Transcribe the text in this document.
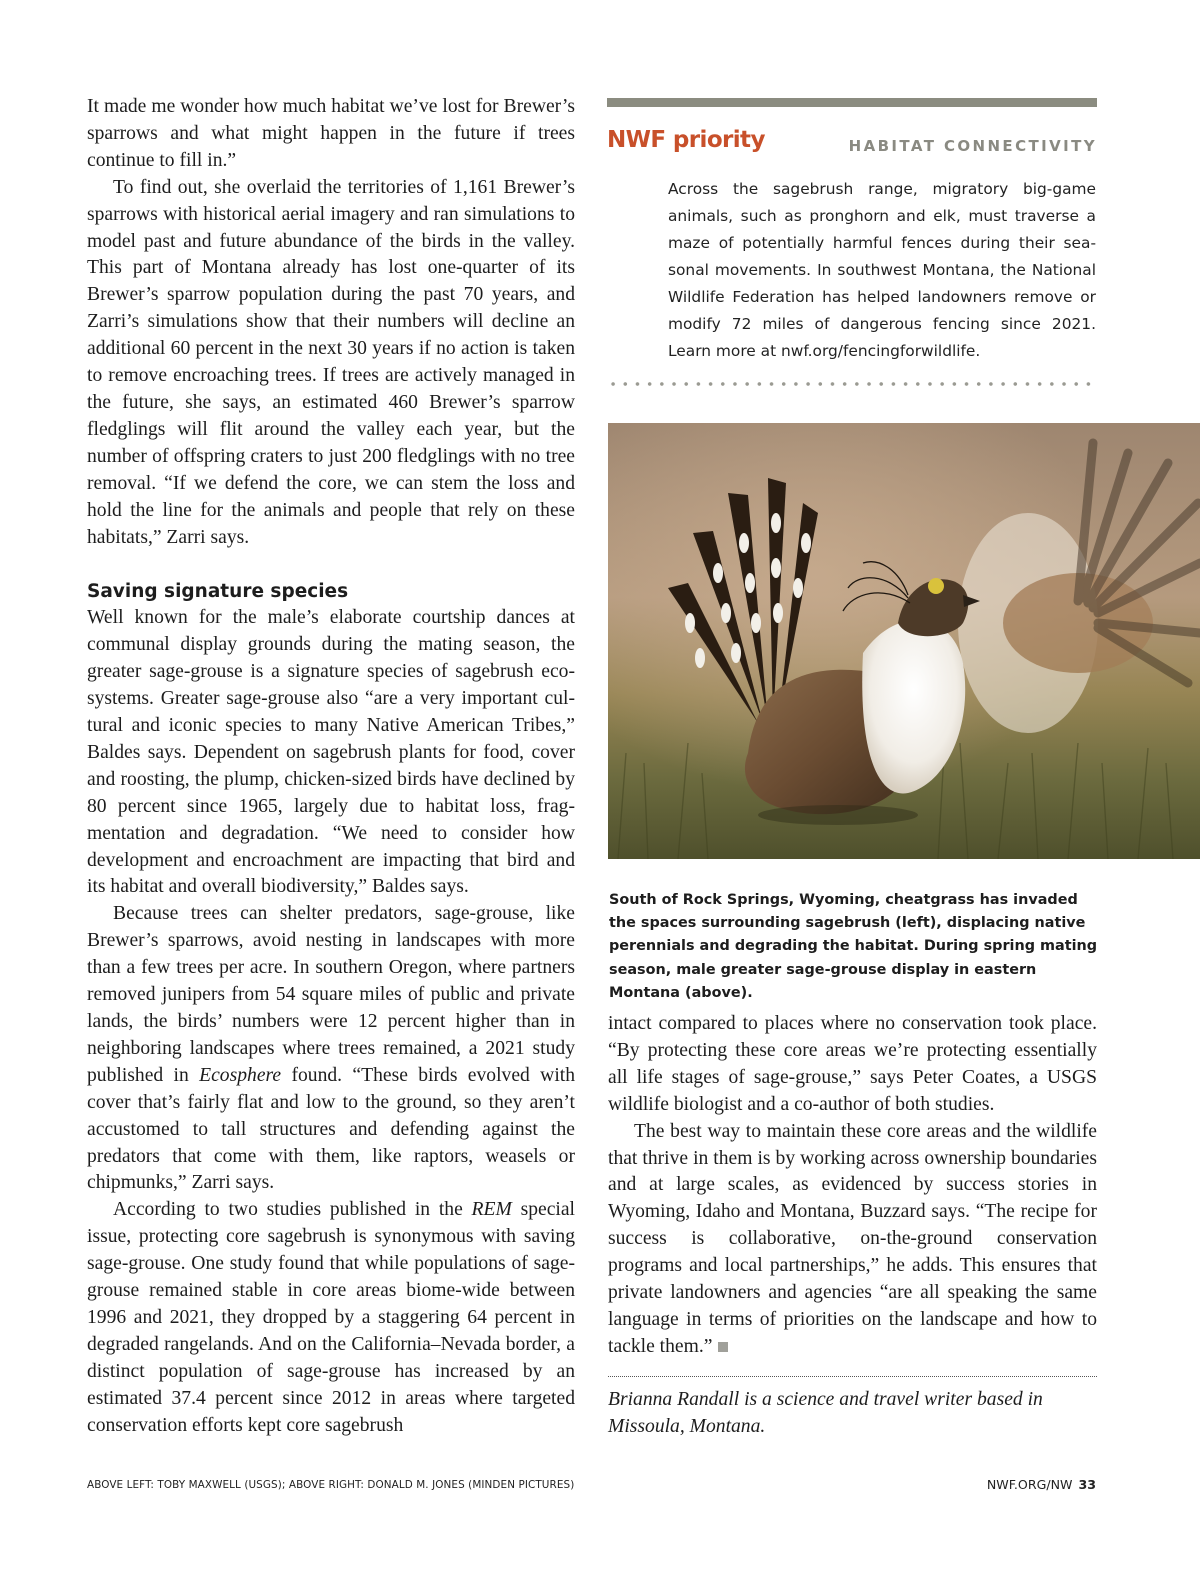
It made me wonder how much habitat we’ve lost for Brewer’s sparrows and what might happen in the future if trees continue to fill in.”

To find out, she overlaid the territories of 1,161 Brewer’s sparrows with historical aerial imagery and ran simulations to model past and future abundance of the birds in the valley. This part of Montana already has lost one-quarter of its Brewer’s sparrow population during the past 70 years, and Zarri’s simulations show that their numbers will decline an additional 60 percent in the next 30 years if no action is taken to remove encroaching trees. If trees are actively managed in the future, she says, an estimated 460 Brewer’s sparrow fledglings will flit around the valley each year, but the number of offspring craters to just 200 fledglings with no tree removal. “If we defend the core, we can stem the loss and hold the line for the animals and people that rely on these habitats,” Zarri says.

Saving signature species

Well known for the male’s elaborate courtship dances at communal display grounds during the mating season, the greater sage-grouse is a signature species of sagebrush ecosystems. Greater sage-grouse also “are a very important cultural and iconic species to many Native American Tribes,” Baldes says. Dependent on sagebrush plants for food, cover and roosting, the plump, chicken-sized birds have declined by 80 percent since 1965, largely due to habitat loss, fragmentation and degradation. “We need to consider how development and encroachment are impacting that bird and its habitat and overall biodiversity,” Baldes says.

Because trees can shelter predators, sage-grouse, like Brewer’s sparrows, avoid nesting in landscapes with more than a few trees per acre. In southern Oregon, where partners removed junipers from 54 square miles of public and private lands, the birds’ numbers were 12 percent higher than in neighboring landscapes where trees remained, a 2021 study published in Ecosphere found. “These birds evolved with cover that’s fairly flat and low to the ground, so they aren’t accustomed to tall structures and defending against the predators that come with them, like raptors, weasels or chipmunks,” Zarri says.

According to two studies published in the REM special issue, protecting core sagebrush is synonymous with saving sage-grouse. One study found that while populations of sage-grouse remained stable in core areas biome-wide between 1996 and 2021, they dropped by a staggering 64 percent in degraded rangelands. And on the California–Nevada border, a distinct population of sage-grouse has increased by an estimated 37.4 percent since 2012 in areas where targeted conservation efforts kept core sagebrush

NWF priority	HABITAT CONNECTIVITY
Across the sagebrush range, migratory big-game animals, such as pronghorn and elk, must traverse a maze of potentially harmful fences during their seasonal movements. In southwest Montana, the National Wildlife Federation has helped landowners remove or modify 72 miles of dangerous fencing since 2021. Learn more at nwf.org/fencingforwildlife.
South of Rock Springs, Wyoming, cheatgrass has invaded the spaces surrounding sagebrush (left), displacing native perennials and degrading the habitat. During spring mating season, male greater sage-grouse display in eastern Montana (above).

intact compared to places where no conservation took place. “By protecting these core areas we’re protecting essentially all life stages of sage-grouse,” says Peter Coates, a USGS wildlife biologist and a co-author of both studies.

The best way to maintain these core areas and the wildlife that thrive in them is by working across ownership boundaries and at large scales, as evidenced by success stories in Wyoming, Idaho and Montana, Buzzard says. “The recipe for success is collaborative, on-the-ground conservation programs and local partnerships,” he adds. This ensures that private landowners and agencies “are all speaking the same language in terms of priorities on the landscape and how to tackle them.”

Brianna Randall is a science and travel writer based in Missoula, Montana.
ABOVE LEFT: TOBY MAXWELL (USGS); ABOVE RIGHT: DONALD M. JONES (MINDEN PICTURES)	NWF.ORG/NW 33
